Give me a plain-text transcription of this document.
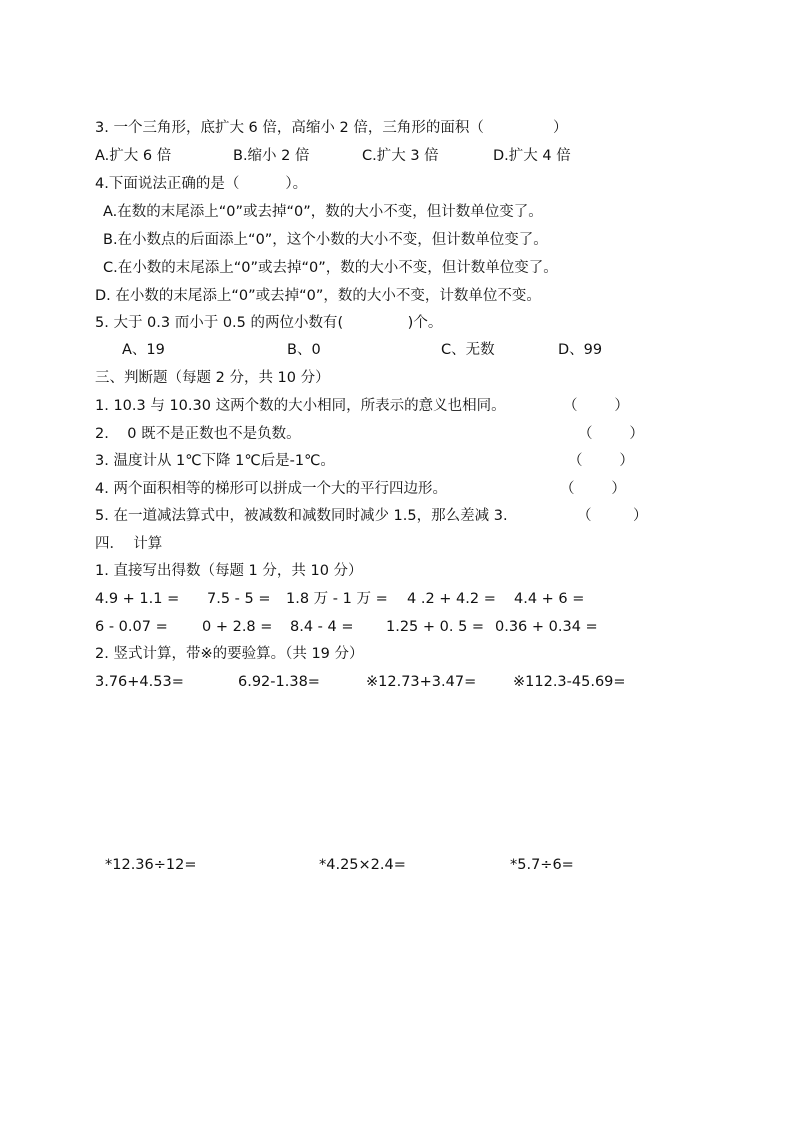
3. 一个三角形，底扩大 6 倍，高缩小 2 倍，三角形的面积（               ）
A.扩大 6 倍	B.缩小 2 倍	C.扩大 3 倍	D.扩大 4 倍
4.下面说法正确的是（          ）。
A.在数的末尾添上“0”或去掉“0”，数的大小不变，但计数单位变了。
B.在小数点的后面添上“0”，这个小数的大小不变，但计数单位变了。
C.在小数的末尾添上“0”或去掉“0”，数的大小不变，但计数单位变了。
D. 在小数的末尾添上“0”或去掉“0”，数的大小不变，计数单位不变。
5. 大于 0.3 而小于 0.5 的两位小数有(              )个。
A、19	B、0	C、无数	D、99
三、判断题（每题 2 分，共 10 分）
1. 10.3 与 10.30 这两个数的大小相同，所表示的意义也相同。	（        ）
2.    0 既不是正数也不是负数。	（        ）
3. 温度计从 1℃下降 1℃后是-1℃。	（        ）
4. 两个面积相等的梯形可以拼成一个大的平行四边形。	（        ）
5. 在一道减法算式中，被减数和减数同时减少 1.5，那么差减 3.	（         ）
四．  计算
1. 直接写出得数（每题 1 分，共 10 分）
4.9 + 1.1 = 7.5 - 5 = 1.8 万 - 1 万 = 4 .2 + 4.2 = 4.4 + 6 =
6 - 0.07 = 0 + 2.8 = 8.4 - 4 = 1.25 + 0. 5 = 0.36 + 0.34 =
2. 竖式计算，带※的要验算。（共 19 分）
3.76+4.53=	6.92-1.38=	※12.73+3.47=	※112.3-45.69=
*12.36÷12=	*4.25×2.4=	*5.7÷6=
